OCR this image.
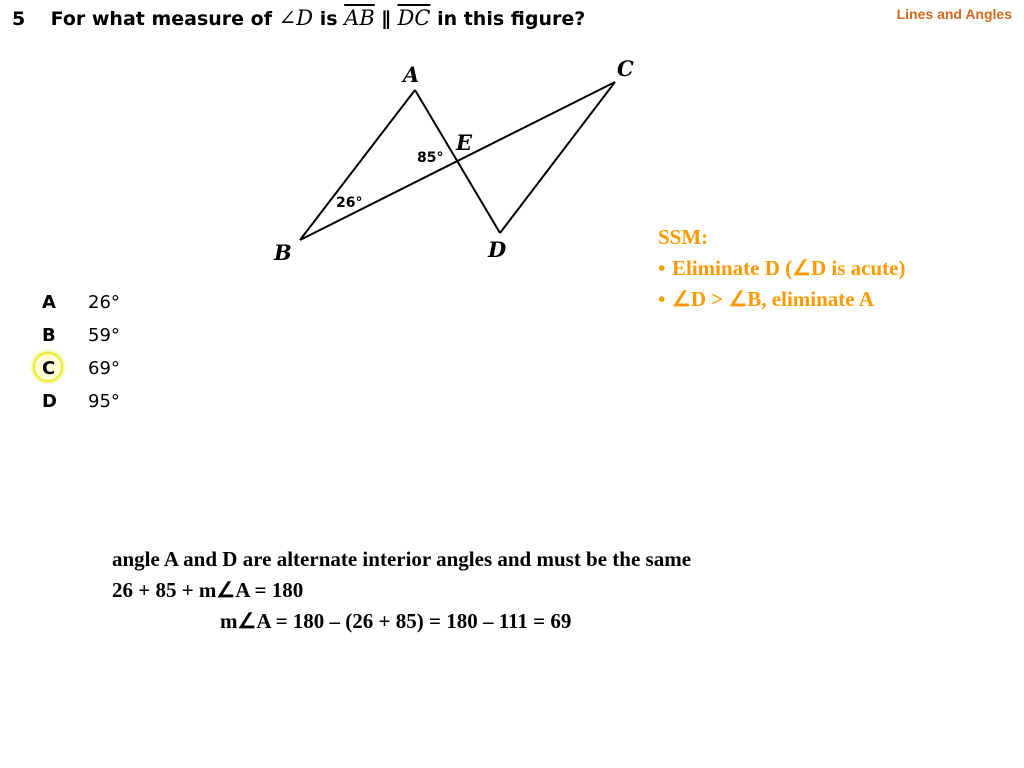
5 For what measure of ∠D is $\overline{AB}$ ∥ $\overline{DC}$ in this figure?	Lines and Angles
A	C
E
B	D
85°
26°
A 26°
B 59°
C 69°
D 95°
SSM:
• Eliminate D (∠D is acute)
• ∠D > ∠B, eliminate A
angle A and D are alternate interior angles and must be the same
26 + 85 + m∠A = 180
m∠A = 180 – (26 + 85) = 180 – 111 = 69
